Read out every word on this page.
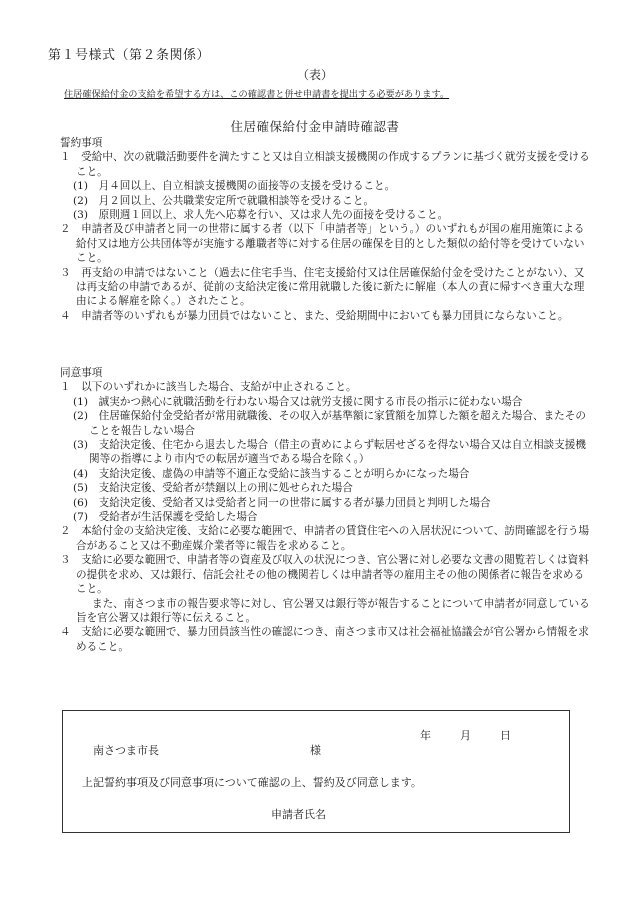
第１号様式（第２条関係）
（表）
住居確保給付金の支給を希望する方は、この確認書と併せ申請書を提出する必要があります。
住居確保給付金申請時確認書

誓約事項

１　受給中、次の就職活動要件を満たすこと又は自立相談支援機関の作成するプランに基づく就労支援を受けること。

(1)　月４回以上、自立相談支援機関の面接等の支援を受けること。

(2)　月２回以上、公共職業安定所で就職相談等を受けること。

(3)　原則週１回以上、求人先へ応募を行い、又は求人先の面接を受けること。

２　申請者及び申請者と同一の世帯に属する者（以下「申請者等」という。）のいずれもが国の雇用施策による給付又は地方公共団体等が実施する離職者等に対する住居の確保を目的とした類似の給付等を受けていないこと。

３　再支給の申請ではないこと（過去に住宅手当、住宅支援給付又は住居確保給付金を受けたことがない）、又は再支給の申請であるが、従前の支給決定後に常用就職した後に新たに解雇（本人の責に帰すべき重大な理由による解雇を除く。）されたこと。

４　申請者等のいずれもが暴力団員ではないこと、また、受給期間中においても暴力団員にならないこと。

同意事項

１　以下のいずれかに該当した場合、支給が中止されること。

(1)　誠実かつ熱心に就職活動を行わない場合又は就労支援に関する市長の指示に従わない場合

(2)　住居確保給付金受給者が常用就職後、その収入が基準額に家賃額を加算した額を超えた場合、またそのことを報告しない場合

(3)　支給決定後、住宅から退去した場合（借主の責めによらず転居せざるを得ない場合又は自立相談支援機関等の指導により市内での転居が適当である場合を除く。）

(4)　支給決定後、虚偽の申請等不適正な受給に該当することが明らかになった場合

(5)　支給決定後、受給者が禁錮以上の刑に処せられた場合

(6)　支給決定後、受給者又は受給者と同一の世帯に属する者が暴力団員と判明した場合

(7)　受給者が生活保護を受給した場合

２　本給付金の支給決定後、支給に必要な範囲で、申請者の賃貸住宅への入居状況について、訪問確認を行う場合があること又は不動産媒介業者等に報告を求めること。

３　支給に必要な範囲で、申請者等の資産及び収入の状況につき、官公署に対し必要な文書の閲覧若しくは資料の提供を求め、又は銀行、信託会社その他の機関若しくは申請者等の雇用主その他の関係者に報告を求めること。

また、南さつま市の報告要求等に対し、官公署又は銀行等が報告することについて申請者が同意している旨を官公署又は銀行等に伝えること。

４　支給に必要な範囲で、暴力団員該当性の確認につき、南さつま市又は社会福祉協議会が官公署から情報を求めること。

年	月	日
南さつま市長	様
上記誓約事項及び同意事項について確認の上、誓約及び同意します。
申請者氏名
